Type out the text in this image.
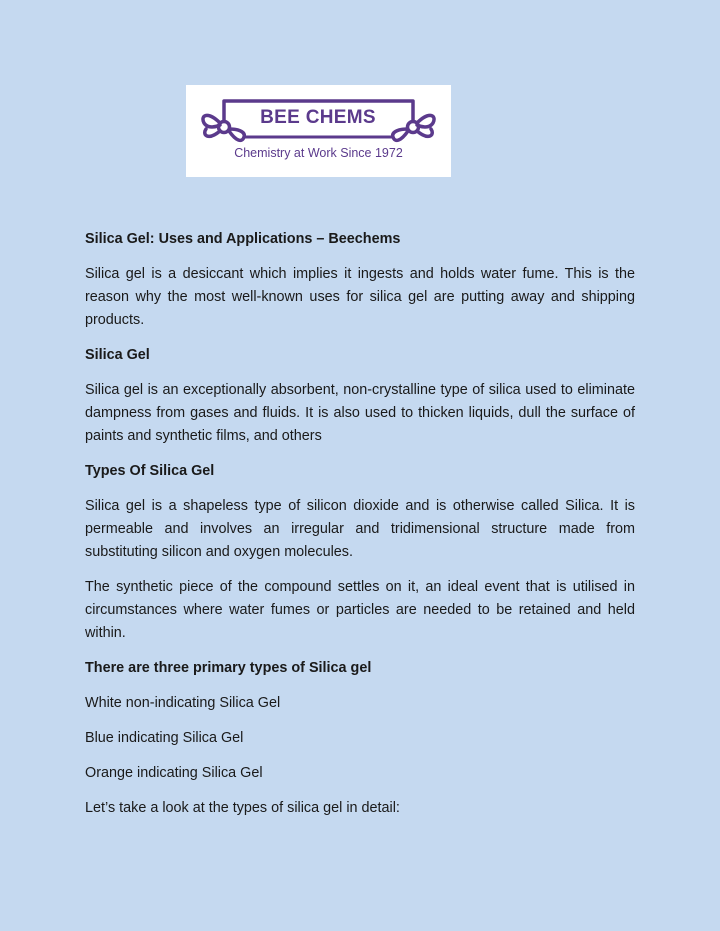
BEE CHEMS
Chemistry at Work Since 1972

Silica Gel: Uses and Applications – Beechems

Silica gel is a desiccant which implies it ingests and holds water fume. This is the reason why the most well-known uses for silica gel are putting away and shipping products.

Silica Gel

Silica gel is an exceptionally absorbent, non-crystalline type of silica used to eliminate dampness from gases and fluids. It is also used to thicken liquids, dull the surface of paints and synthetic films, and others

Types Of Silica Gel

Silica gel is a shapeless type of silicon dioxide and is otherwise called Silica. It is permeable and involves an irregular and tridimensional structure made from substituting silicon and oxygen molecules.

The synthetic piece of the compound settles on it, an ideal event that is utilised in circumstances where water fumes or particles are needed to be retained and held within.

There are three primary types of Silica gel

White non-indicating Silica Gel

Blue indicating Silica Gel

Orange indicating Silica Gel

Let’s take a look at the types of silica gel in detail:
